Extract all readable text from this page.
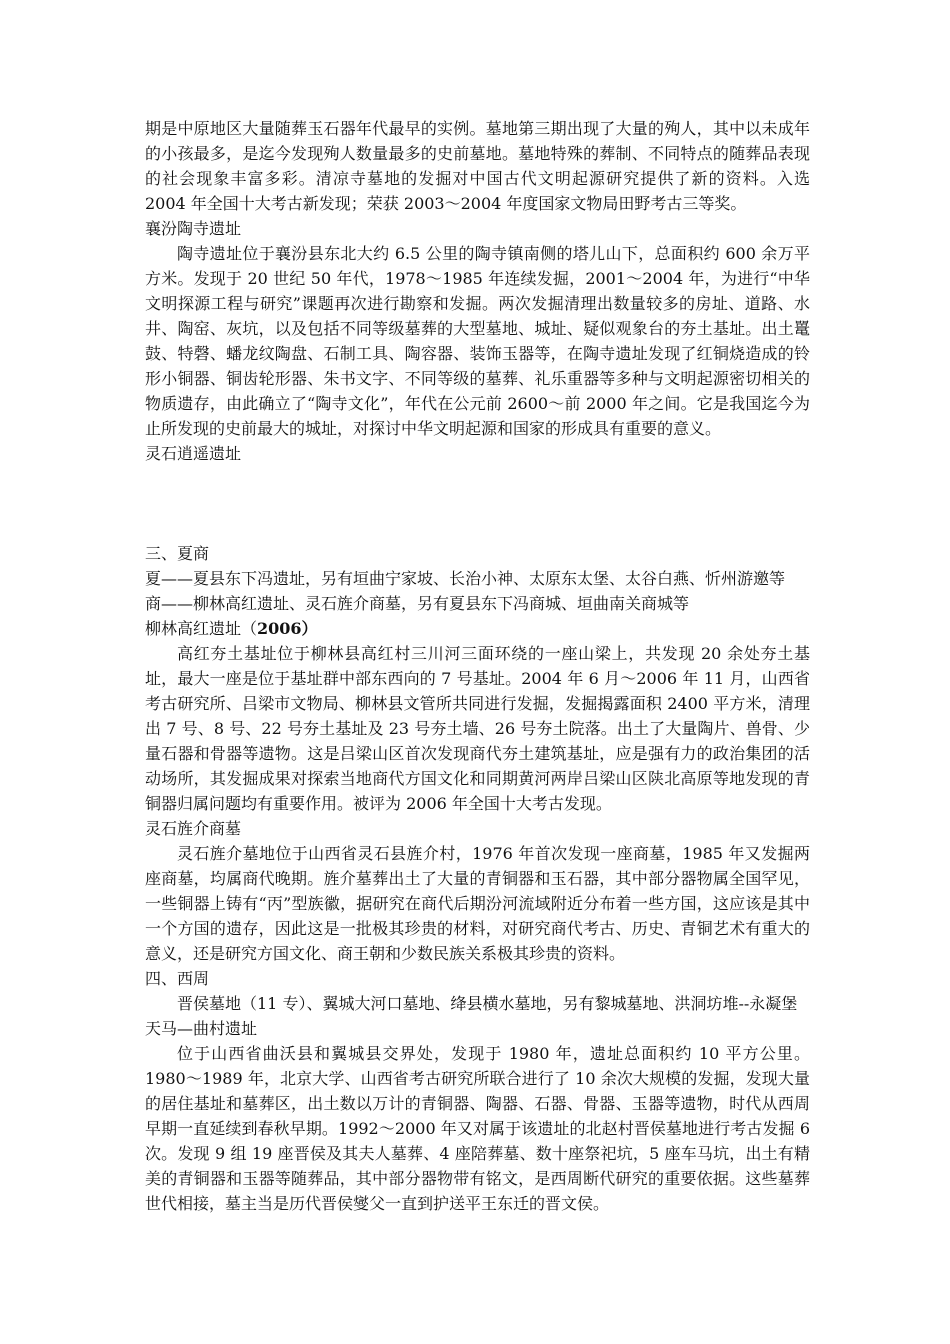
期是中原地区大量随葬玉石器年代最早的实例。墓地第三期出现了大量的殉人，其中以未成年的小孩最多，是迄今发现殉人数量最多的史前墓地。墓地特殊的葬制、不同特点的随葬品表现的社会现象丰富多彩。清凉寺墓地的发掘对中国古代文明起源研究提供了新的资料。入选 2004 年全国十大考古新发现；荣获 2003～2004 年度国家文物局田野考古三等奖。

襄汾陶寺遗址

陶寺遗址位于襄汾县东北大约 6.5 公里的陶寺镇南侧的塔儿山下，总面积约 600 余万平方米。发现于 20 世纪 50 年代，1978～1985 年连续发掘，2001～2004 年，为进行“中华文明探源工程与研究”课题再次进行勘察和发掘。两次发掘清理出数量较多的房址、道路、水井、陶窑、灰坑，以及包括不同等级墓葬的大型墓地、城址、疑似观象台的夯土基址。出土鼍鼓、特磬、蟠龙纹陶盘、石制工具、陶容器、装饰玉器等，在陶寺遗址发现了红铜烧造成的铃形小铜器、铜齿轮形器、朱书文字、不同等级的墓葬、礼乐重器等多种与文明起源密切相关的物质遗存，由此确立了“陶寺文化”，年代在公元前 2600～前 2000 年之间。它是我国迄今为止所发现的史前最大的城址，对探讨中华文明起源和国家的形成具有重要的意义。

灵石逍遥遗址

三、夏商

夏——夏县东下冯遗址，另有垣曲宁家坡、长治小神、太原东太堡、太谷白燕、忻州游邀等

商——柳林高红遗址、灵石旌介商墓，另有夏县东下冯商城、垣曲南关商城等

柳林高红遗址（2006）

高红夯土基址位于柳林县高红村三川河三面环绕的一座山梁上，共发现 20 余处夯土基址，最大一座是位于基址群中部东西向的 7 号基址。2004 年 6 月～2006 年 11 月，山西省考古研究所、吕梁市文物局、柳林县文管所共同进行发掘，发掘揭露面积 2400 平方米，清理出 7 号、8 号、22 号夯土基址及 23 号夯土墙、26 号夯土院落。出土了大量陶片、兽骨、少量石器和骨器等遗物。这是吕梁山区首次发现商代夯土建筑基址，应是强有力的政治集团的活动场所，其发掘成果对探索当地商代方国文化和同期黄河两岸吕梁山区陕北高原等地发现的青铜器归属问题均有重要作用。被评为 2006 年全国十大考古发现。

灵石旌介商墓

灵石旌介墓地位于山西省灵石县旌介村，1976 年首次发现一座商墓，1985 年又发掘两座商墓，均属商代晚期。旌介墓葬出土了大量的青铜器和玉石器，其中部分器物属全国罕见，一些铜器上铸有“丙”型族徽，据研究在商代后期汾河流域附近分布着一些方国，这应该是其中一个方国的遗存，因此这是一批极其珍贵的材料，对研究商代考古、历史、青铜艺术有重大的意义，还是研究方国文化、商王朝和少数民族关系极其珍贵的资料。

四、西周

晋侯墓地（11 专）、翼城大河口墓地、绛县横水墓地，另有黎城墓地、洪洞坊堆--永凝堡

天马—曲村遗址

位于山西省曲沃县和翼城县交界处，发现于 1980 年，遗址总面积约 10 平方公里。1980～1989 年，北京大学、山西省考古研究所联合进行了 10 余次大规模的发掘，发现大量的居住基址和墓葬区，出土数以万计的青铜器、陶器、石器、骨器、玉器等遗物，时代从西周早期一直延续到春秋早期。1992～2000 年又对属于该遗址的北赵村晋侯墓地进行考古发掘 6 次。发现 9 组 19 座晋侯及其夫人墓葬、4 座陪葬墓、数十座祭祀坑，5 座车马坑，出土有精美的青铜器和玉器等随葬品，其中部分器物带有铭文，是西周断代研究的重要依据。这些墓葬世代相接，墓主当是历代晋侯燮父一直到护送平王东迁的晋文侯。
